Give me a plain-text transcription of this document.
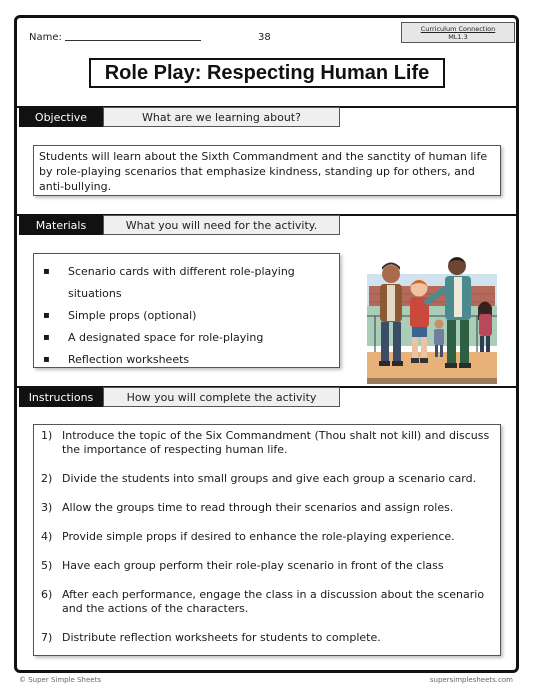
Name:	38
Curriculum Connection
ML1.3
Role Play: Respecting Human Life
Objective	What are we learning about?
Students will learn about the Sixth Commandment and the sanctity of human life by role-playing scenarios that emphasize kindness, standing up for others, and anti-bullying.
Materials	What you will need for the activity.
▪ Scenario cards with different role-playing situations
▪ Simple props (optional)
▪ A designated space for role-playing
▪ Reflection worksheets
Instructions	How you will complete the activity
1) Introduce the topic of the Six Commandment (Thou shalt not kill) and discuss the importance of respecting human life.
2) Divide the students into small groups and give each group a scenario card.
3) Allow the groups time to read through their scenarios and assign roles.
4) Provide simple props if desired to enhance the role-playing experience.
5) Have each group perform their role-play scenario in front of the class
6) After each performance, engage the class in a discussion about the scenario and the actions of the characters.
7) Distribute reflection worksheets for students to complete.
© Super Simple Sheets	supersimplesheets.com
